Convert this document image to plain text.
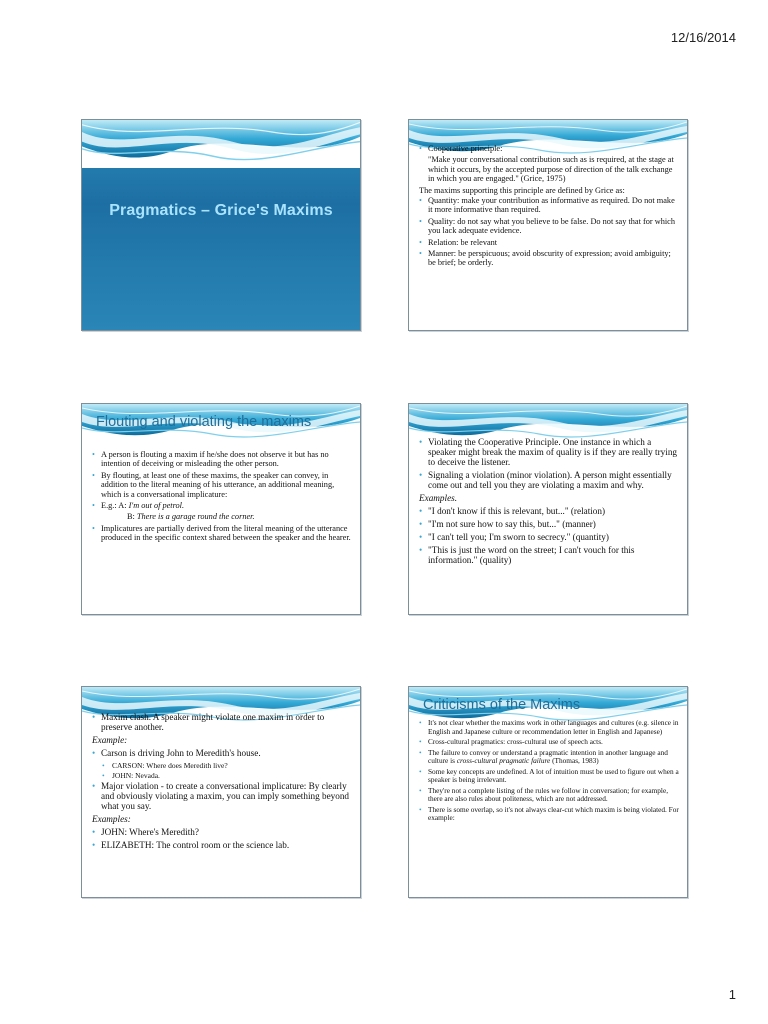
12/16/2014
Pragmatics – Grice's Maxims
• Cooperative principle:
"Make your conversational contribution such as is required, at the stage at which it occurs, by the accepted purpose of direction of the talk exchange in which you are engaged." (Grice, 1975)
The maxims supporting this principle are defined by Grice as:
• Quantity: make your contribution as informative as required. Do not make it more informative than required.
• Quality: do not say what you believe to be false. Do not say that for which you lack adequate evidence.
• Relation: be relevant
• Manner: be perspicuous; avoid obscurity of expression; avoid ambiguity; be brief; be orderly.
Flouting and violating the maxims
• A person is flouting a maxim if he/she does not observe it but has no intention of deceiving or misleading the other person.
• By flouting, at least one of these maxims, the speaker can convey, in addition to the literal meaning of his utterance, an additional meaning, which is a conversational implicature:
• E.g.: A: I'm out of petrol.
B: There is a garage round the corner.
• Implicatures are partially derived from the literal meaning of the utterance produced in the specific context shared between the speaker and the hearer.
• Violating the Cooperative Principle. One instance in which a speaker might break the maxim of quality is if they are really trying to deceive the listener.
• Signaling a violation (minor violation). A person might essentially come out and tell you they are violating a maxim and why.

Examples.

• "I don't know if this is relevant, but..." (relation)
• "I'm not sure how to say this, but..." (manner)
• "I can't tell you; I'm sworn to secrecy." (quantity)
• "This is just the word on the street; I can't vouch for this information." (quality)
• Maxim clash. A speaker might violate one maxim in order to preserve another.

Example:

• Carson is driving John to Meredith's house.
• CARSON: Where does Meredith live?
• JOHN: Nevada.
• Major violation - to create a conversational implicature: By clearly and obviously violating a maxim, you can imply something beyond what you say.

Examples:

• JOHN: Where's Meredith?
• ELIZABETH: The control room or the science lab.
Criticisms of the Maxims
• It's not clear whether the maxims work in other languages and cultures (e.g. silence in English and Japanese culture or recommendation letter in English and Japanese)
• Cross-cultural pragmatics: cross-cultural use of speech acts.
• The failure to convey or understand a pragmatic intention in another language and culture is cross-cultural pragmatic failure (Thomas, 1983)
• Some key concepts are undefined. A lot of intuition must be used to figure out when a speaker is being irrelevant.
• They're not a complete listing of the rules we follow in conversation; for example, there are also rules about politeness, which are not addressed.
• There is some overlap, so it's not always clear-cut which maxim is being violated. For example:
1
